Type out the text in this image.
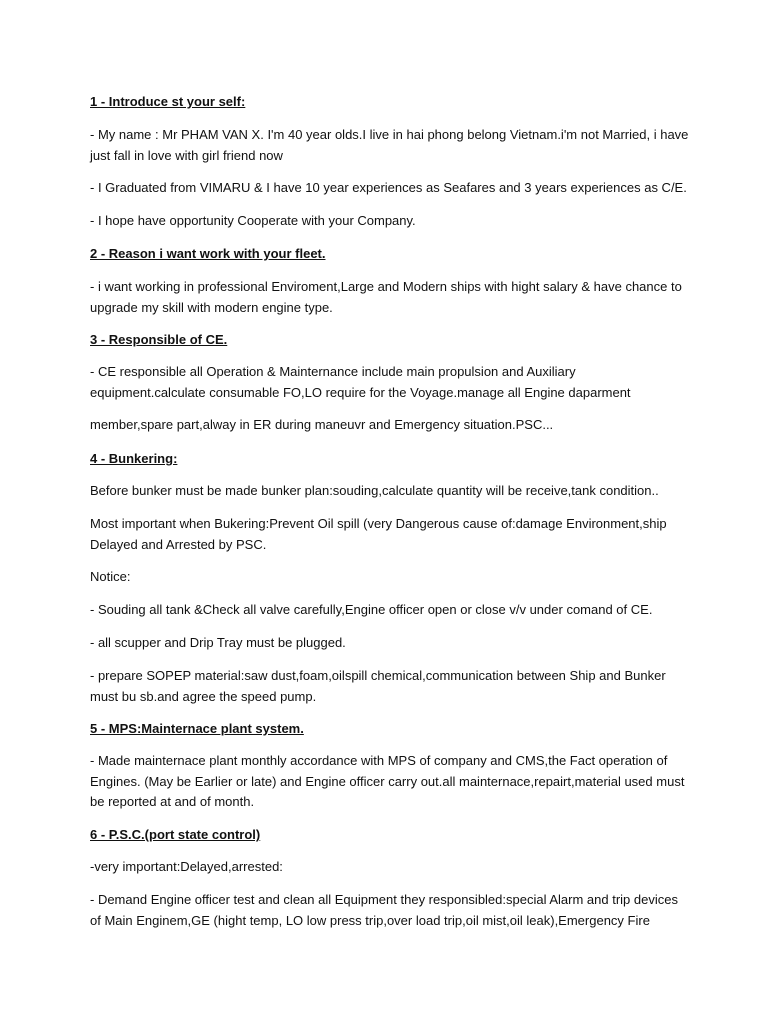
1 - Introduce st your self:

- My name : Mr PHAM VAN X. I'm 40 year olds.I live in hai phong belong Vietnam.i'm not Married, i have just fall in love with girl friend now

- I Graduated from VIMARU & I have 10 year experiences as Seafares and 3 years experiences as C/E.

- I hope have opportunity Cooperate with your Company.

2 - Reason i want work with your fleet.

- i want working in professional Enviroment,Large and Modern ships with hight salary & have chance to upgrade my skill with modern engine type.

3 - Responsible of CE.

- CE responsible all Operation & Mainternance include main propulsion and Auxiliary equipment.calculate consumable FO,LO require for the Voyage.manage all Engine daparment

member,spare part,alway in ER during maneuvr and Emergency situation.PSC...

4 - Bunkering:

Before bunker must be made bunker plan:souding,calculate quantity will be receive,tank condition..

Most important when Bukering:Prevent Oil spill (very Dangerous cause of:damage Environment,ship Delayed and Arrested by PSC.

Notice:

- Souding all tank &Check all valve carefully,Engine officer open or close v/v under comand of CE.

- all scupper and Drip Tray must be plugged.

- prepare SOPEP material:saw dust,foam,oilspill chemical,communication between Ship and Bunker must bu sb.and agree the speed pump.

5 - MPS:Mainternace plant system.

- Made mainternace plant monthly accordance with MPS of company and CMS,the Fact operation of Engines. (May be Earlier or late) and Engine officer carry out.all mainternace,repairt,material used must be reported at and of month.

6 - P.S.C.(port state control)

-very important:Delayed,arrested:

- Demand Engine officer test and clean all Equipment they responsibled:special Alarm and trip devices of Main Enginem,GE (hight temp, LO low press trip,over load trip,oil mist,oil leak),Emergency Fire
